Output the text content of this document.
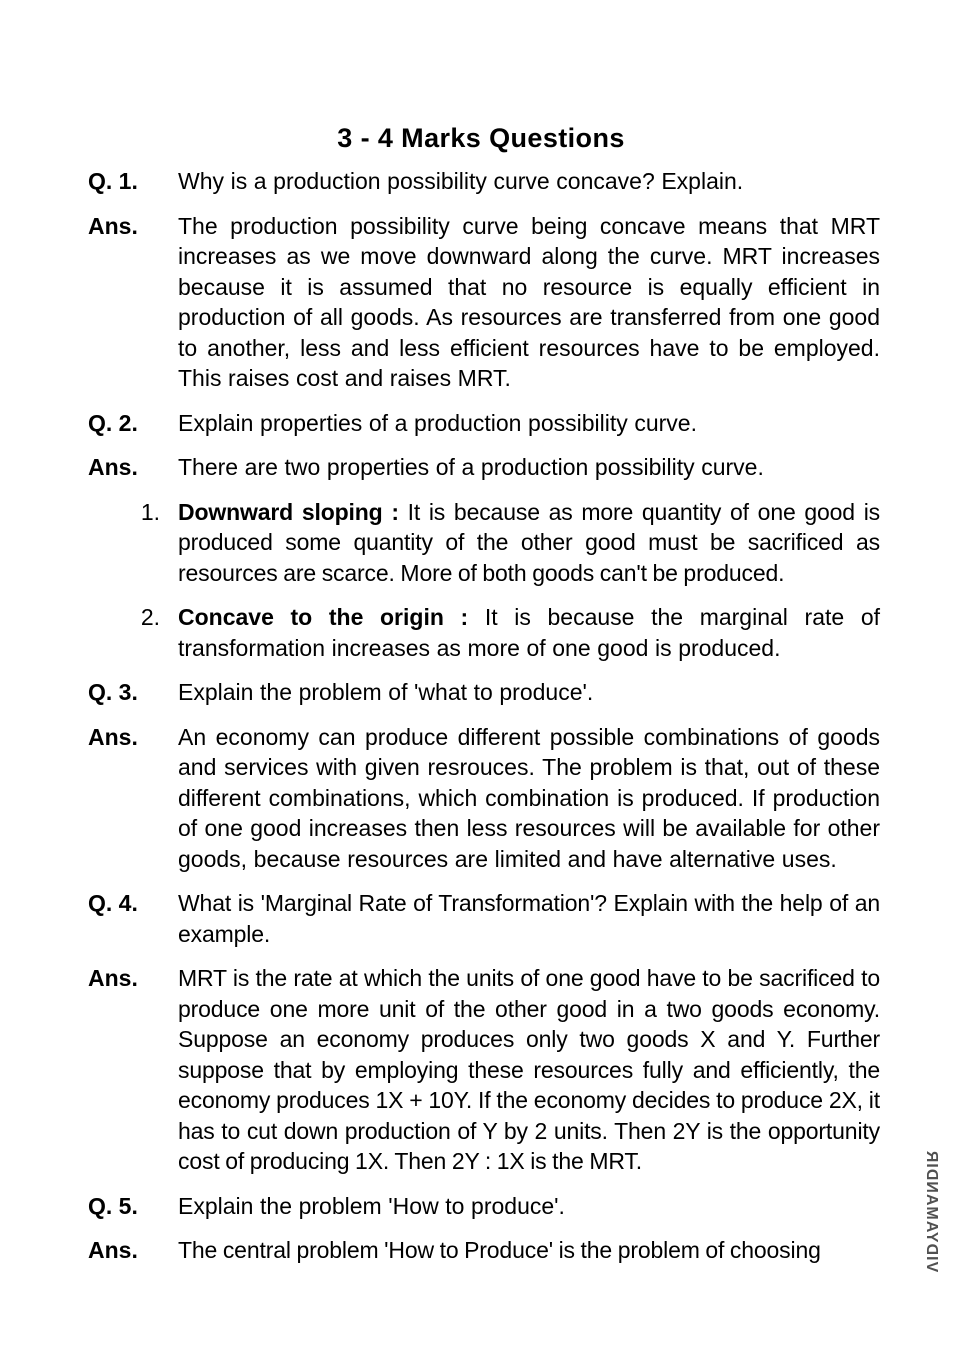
3 - 4 Marks Questions
Q. 1.	Why is a production possibility curve concave? Explain.
Ans.	The production possibility curve being concave means that MRT increases as we move downward along the curve. MRT increases because it is assumed that no resource is equally efficient in production of all goods. As resources are transferred from one good to another, less and less efficient resources have to be employed. This raises cost and raises MRT.
Q. 2.	Explain properties of a production possibility curve.
Ans.	There are two properties of a production possibility curve.
1. Downward sloping : It is because as more quantity of one good is produced some quantity of the other good must be sacrificed as resources are scarce. More of both goods can't be produced.
2. Concave to the origin : It is because the marginal rate of transformation increases as more of one good is produced.
Q. 3.	Explain the problem of 'what to produce'.
Ans.	An economy can produce different possible combinations of goods and services with given resrouces. The problem is that, out of these different combinations, which combination is produced. If production of one good increases then less resources will be available for other goods, because resources are limited and have alternative uses.
Q. 4.	What is 'Marginal Rate of Transformation'? Explain with the help of an example.
Ans.	MRT is the rate at which the units of one good have to be sacrificed to produce one more unit of the other good in a two goods economy. Suppose an economy produces only two goods X and Y. Further suppose that by employing these resources fully and efficiently, the economy produces 1X + 10Y. If the economy decides to produce 2X, it has to cut down production of Y by 2 units. Then 2Y is the opportunity cost of producing 1X. Then 2Y : 1X is the MRT.
Q. 5.	Explain the problem 'How to produce'.
Ans.	The central problem 'How to Produce' is the problem of choosing	VIDYAMANDIR
